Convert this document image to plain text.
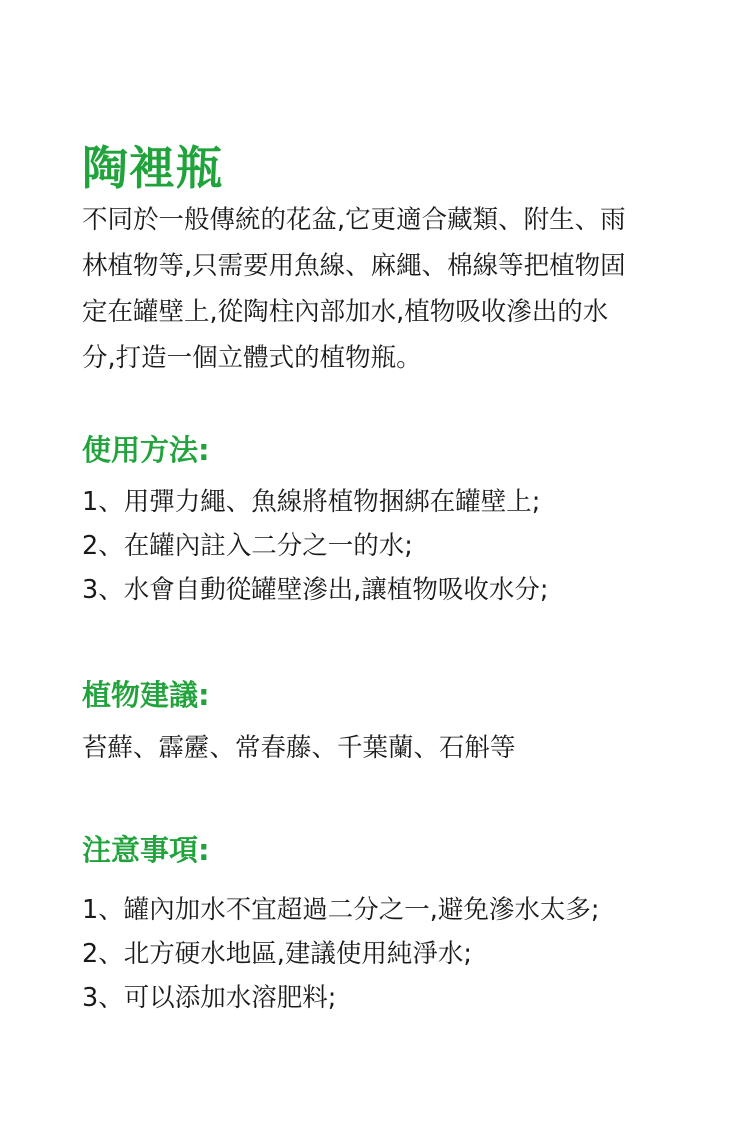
陶裡瓶

不同於一般傳統的花盆,它更適合藏類、附生、雨
林植物等,只需要用魚線、麻繩、棉線等把植物固
定在罐壁上,從陶柱內部加水,植物吸收滲出的水
分,打造一個立體式的植物瓶。

使用方法:
1、用彈力繩、魚線將植物捆綁在罐壁上;
2、在罐內註入二分之一的水;
3、水會自動從罐壁滲出,讓植物吸收水分;
植物建議:

苔蘚、霹靂、常春藤、千葉蘭、石斛等

注意事項:
1、罐內加水不宜超過二分之一,避免滲水太多;
2、北方硬水地區,建議使用純淨水;
3、可以添加水溶肥料;
